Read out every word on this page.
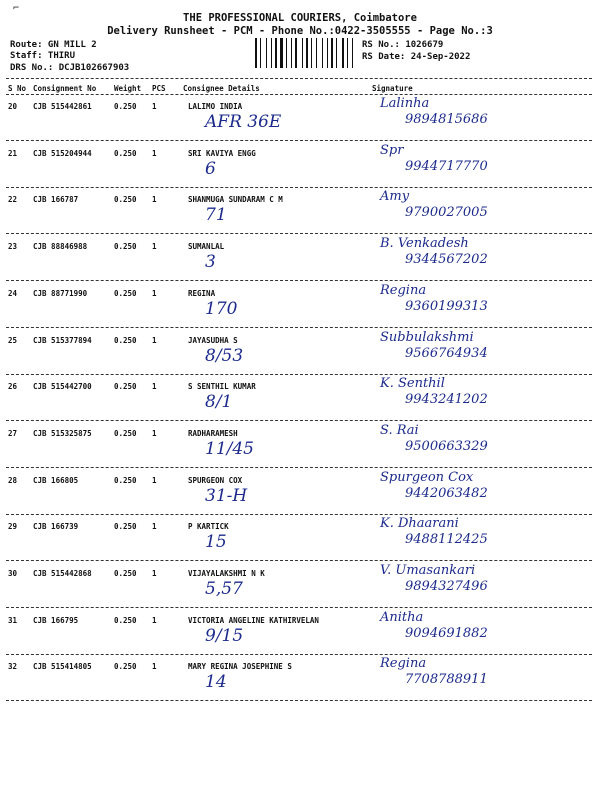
⌐
THE PROFESSIONAL COURIERS, Coimbatore
Delivery Runsheet - PCM - Phone No.:0422-3505555 - Page No.:3
Route: GN MILL 2
Staff: THIRU
DRS No.: DCJB102667903
RS No.: 1026679
RS Date: 24-Sep-2022
S No Consignment No Weight PCS Consignee Details	Signature
20 CJB 515442861	0.250 1	LALIMO INDIA
AFR 36E
Lalinha
9894815686
21 CJB 515204944	0.250 1	SRI KAVIYA ENGG
6
Spr
9944717770
22 CJB 166787	0.250 1	SHANMUGA SUNDARAM C M
71
Amy
9790027005
23 CJB 88846988	0.250 1	SUMANLAL
3
B. Venkadesh
9344567202
24 CJB 88771990	0.250 1	REGINA
170
Regina
9360199313
25 CJB 515377894	0.250 1	JAYASUDHA S
8/53
Subbulakshmi
9566764934
26 CJB 515442700	0.250 1	S SENTHIL KUMAR
8/1
K. Senthil
9943241202
27 CJB 515325875	0.250 1	RADHARAMESH
11/45
S. Rai
9500663329
28 CJB 166805	0.250 1	SPURGEON COX
31-H
Spurgeon Cox
9442063482
29 CJB 166739	0.250 1	P KARTICK
15
K. Dhaarani
9488112425
30 CJB 515442868	0.250 1	VIJAYALAKSHMI N K
5,57
V. Umasankari
9894327496
31 CJB 166795	0.250 1	VICTORIA ANGELINE KATHIRVELAN
9/15
Anitha
9094691882
32 CJB 515414805	0.250 1	MARY REGINA JOSEPHINE S
14
Regina
7708788911
